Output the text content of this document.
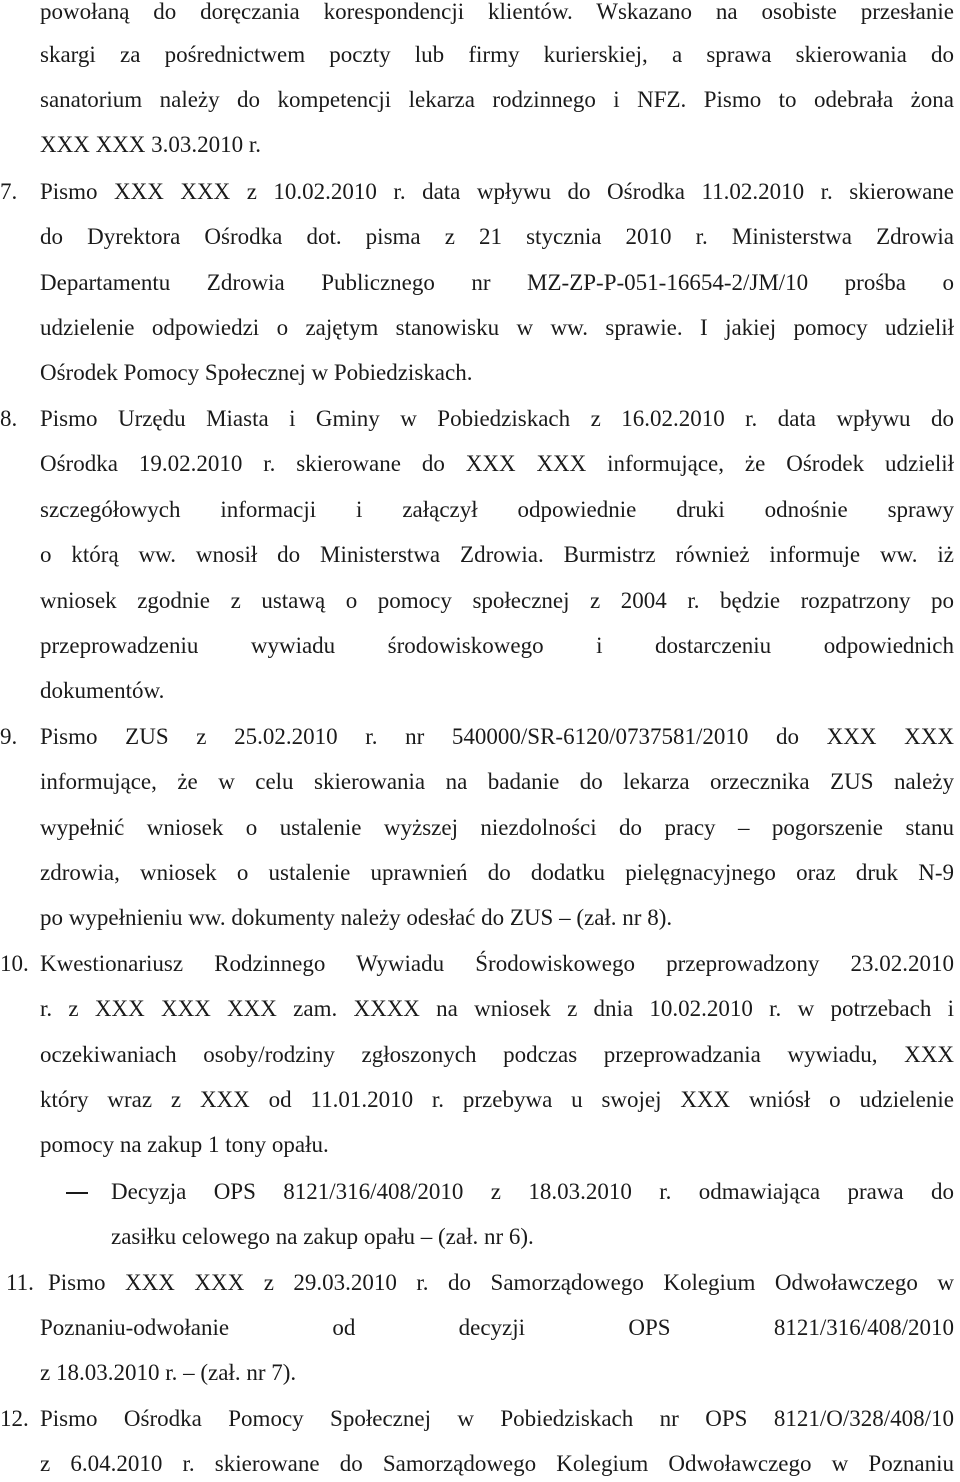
powołaną do doręczania korespondencji klientów. Wskazano na osobiste przesłanie
skargi za pośrednictwem poczty lub firmy kurierskiej, a sprawa skierowania do
sanatorium należy do kompetencji lekarza rodzinnego i NFZ. Pismo to odebrała żona
XXX XXX 3.03.2010 r.
7. Pismo XXX XXX z 10.02.2010 r. data wpływu do Ośrodka 11.02.2010 r. skierowane
do Dyrektora Ośrodka dot. pisma z 21 stycznia 2010 r. Ministerstwa Zdrowia
Departamentu Zdrowia Publicznego nr MZ-ZP-P-051-16654-2/JM/10 prośba o
udzielenie odpowiedzi o zajętym stanowisku w ww. sprawie. I jakiej pomocy udzielił
Ośrodek Pomocy Społecznej w Pobiedziskach.
8. Pismo Urzędu Miasta i Gminy w Pobiedziskach z 16.02.2010 r. data wpływu do
Ośrodka 19.02.2010 r. skierowane do XXX XXX informujące, że Ośrodek udzielił
szczegółowych informacji i załączył odpowiednie druki odnośnie sprawy
o którą ww. wnosił do Ministerstwa Zdrowia. Burmistrz również informuje ww. iż
wniosek zgodnie z ustawą o pomocy społecznej z 2004 r. będzie rozpatrzony po
przeprowadzeniu wywiadu środowiskowego i dostarczeniu odpowiednich
dokumentów.
9. Pismo ZUS z 25.02.2010 r. nr 540000/SR-6120/0737581/2010 do XXX XXX
informujące, że w celu skierowania na badanie do lekarza orzecznika ZUS należy
wypełnić wniosek o ustalenie wyższej niezdolności do pracy – pogorszenie stanu
zdrowia, wniosek o ustalenie uprawnień do dodatku pielęgnacyjnego oraz druk N-9
po wypełnieniu ww. dokumenty należy odesłać do ZUS – (zał. nr 8).
10. Kwestionariusz Rodzinnego Wywiadu Środowiskowego przeprowadzony 23.02.2010
r. z XXX XXX XXX zam. XXXX na wniosek z dnia 10.02.2010 r. w potrzebach i
oczekiwaniach osoby/rodziny zgłoszonych podczas przeprowadzania wywiadu, XXX
który wraz z XXX od 11.01.2010 r. przebywa u swojej XXX wniósł o udzielenie
pomocy na zakup 1 tony opału.
Decyzja OPS 8121/316/408/2010 z 18.03.2010 r. odmawiająca prawa do
zasiłku celowego na zakup opału – (zał. nr 6).
11. Pismo XXX XXX z 29.03.2010 r. do Samorządowego Kolegium Odwoławczego w
Poznaniu-odwołanie od decyzji OPS 8121/316/408/2010
z 18.03.2010 r. – (zał. nr 7).
12. Pismo Ośrodka Pomocy Społecznej w Pobiedziskach nr OPS 8121/O/328/408/10
z 6.04.2010 r. skierowane do Samorządowego Kolegium Odwoławczego w Poznaniu
